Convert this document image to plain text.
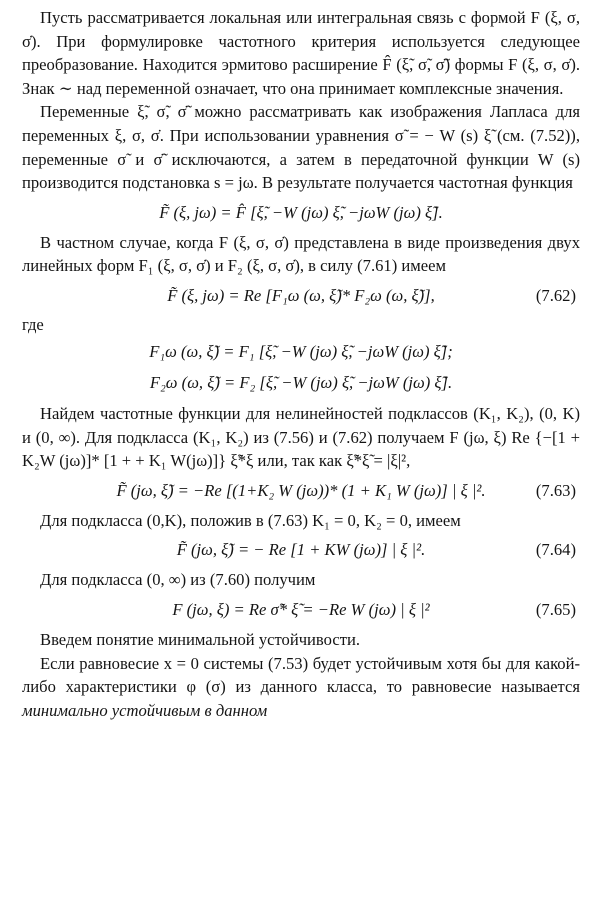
Пусть рассматривается локальная или интегральная связь с формой F (ξ, σ, σ̇). При формулировке частотного критерия используется следующее преобразование. Находится эрмитово расширение F̂ (ξ̃, σ̃, σ̃̇) формы F (ξ, σ, σ̇). Знак ∼ над переменной означает, что она принимает комплексные значения.

Переменные ξ̃, σ̃, σ̃̇ можно рассматривать как изображения Лапласа для переменных ξ, σ, σ̇. При использовании уравнения σ̃ = − W (s) ξ̃ (см. (7.52)), переменные σ̃ и σ̃̇ исключаются, а затем в передаточной функции W (s) производится подстановка s = jω. В результате получается частотная функция

F̃ (ξ, jω) = F̂ [ξ̃, −W (jω) ξ̃, −jωW (jω) ξ̃].

В частном случае, когда F (ξ, σ, σ̇) представлена в виде произведения двух линейных форм F₁ (ξ, σ, σ̇) и F₂ (ξ, σ, σ̇), в силу (7.61) имеем

F̃ (ξ, jω) = Re [F₁ω (ω, ξ̃)* F₂ω (ω, ξ̃)],	(7.62)

где

F₁ω (ω, ξ̃) = F₁ [ξ̃, −W (jω) ξ̃, −jωW (jω) ξ̃];
F₂ω (ω, ξ̃) = F₂ [ξ̃, −W (jω) ξ̃, −jωW (jω) ξ̃].

Найдем частотные функции для нелинейностей подклассов (K₁, K₂), (0, K) и (0, ∞). Для подкласса (K₁, K₂) из (7.56) и (7.62) получаем F (jω, ξ) Re {−[1 + K₂W (jω)]* [1 + + K₁ W(jω)]} ξ̃*ξ или, так как ξ̃*ξ̃ = |ξ|²,

F̃ (jω, ξ̃) = −Re [(1+K₂ W (jω))* (1 + K₁ W (jω)] | ξ |².	(7.63)

Для подкласса (0,K), положив в (7.63) K₁ = 0, K₂ = 0, имеем

F̃ (jω, ξ̃) = − Re [1 + KW (jω)] | ξ |².	(7.64)

Для подкласса (0, ∞) из (7.60) получим

F (jω, ξ) = Re σ̃* ξ̃ = −Re W (jω) | ξ |²	(7.65)

Введем понятие минимальной устойчивости.

Если равновесие x = 0 системы (7.53) будет устойчивым хотя бы для какой-либо характеристики φ (σ) из данного класса, то равновесие называется минимально устойчивым в данном
